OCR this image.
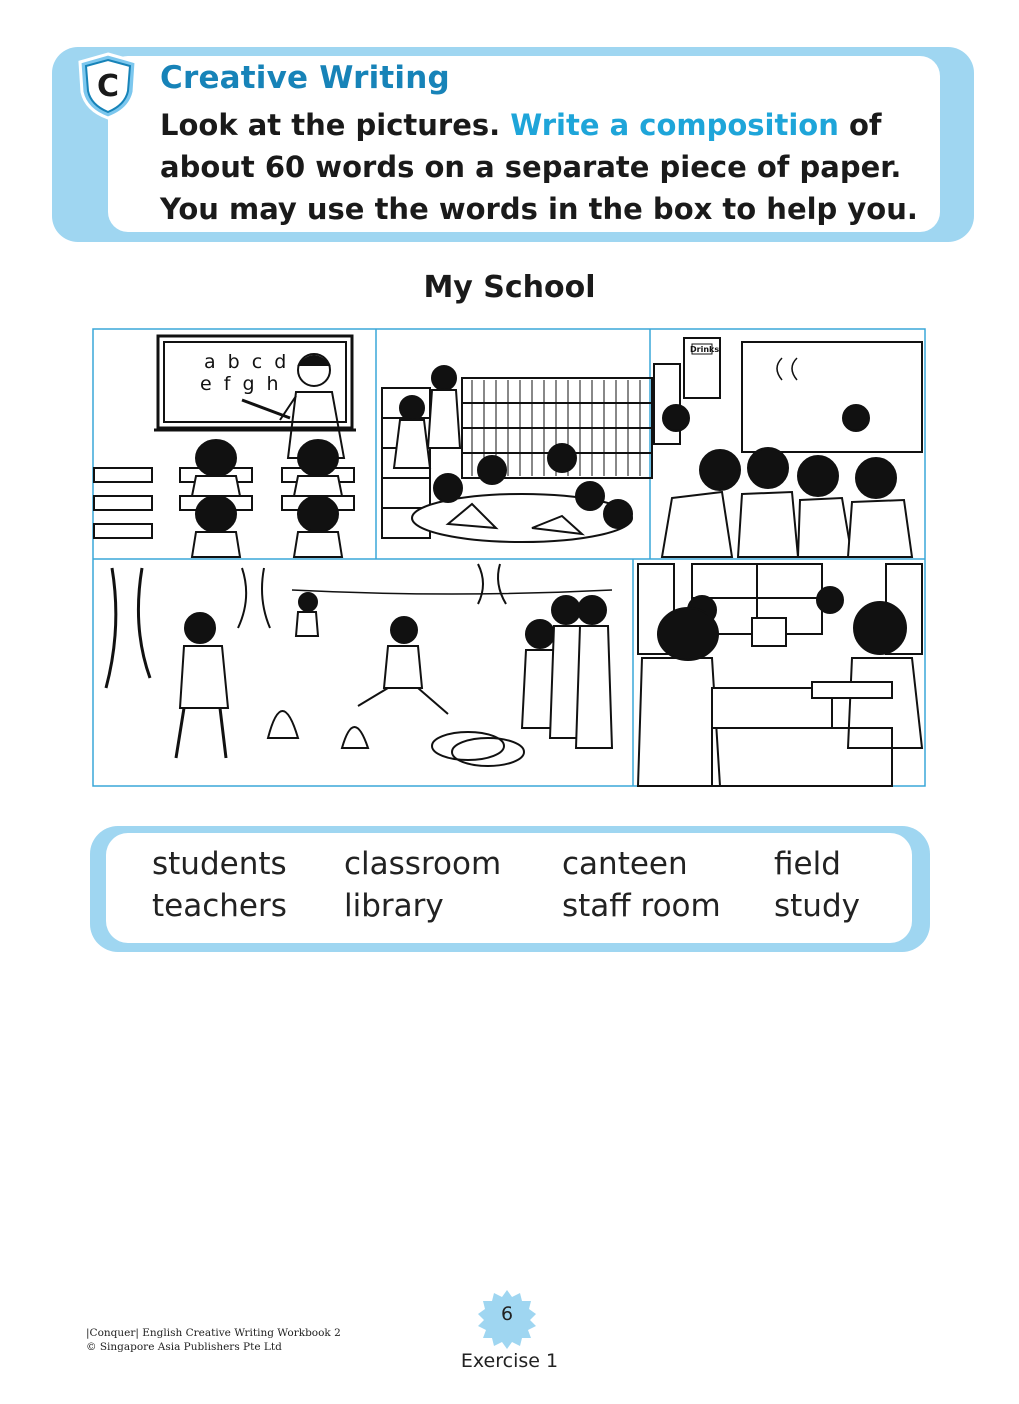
C Creative Writing
Look at the pictures. Write a composition of about 60 words on a separate piece of paper. You may use the words in the box to help you.
My School
a b c d
e f g h
Drinks
students
teachers
classroom
library
canteen
staff room
field
study
|Conquer| English Creative Writing Workbook 2
© Singapore Asia Publishers Pte Ltd
6
Exercise 1
